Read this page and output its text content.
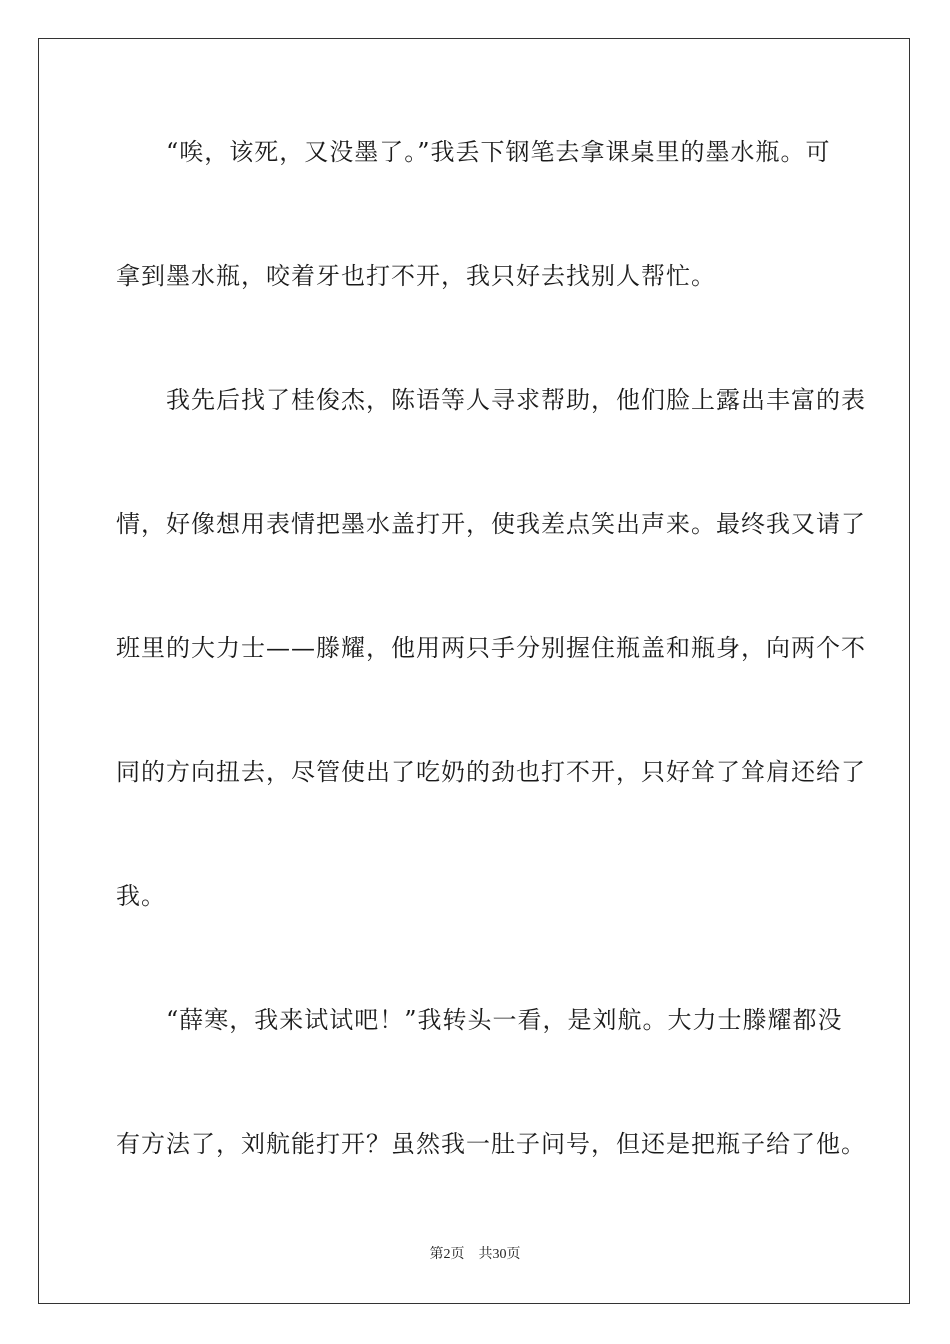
“唉，该死，又没墨了。”我丢下钢笔去拿课桌里的墨水瓶。可
拿到墨水瓶，咬着牙也打不开，我只好去找别人帮忙。
我先后找了桂俊杰，陈语等人寻求帮助，他们脸上露出丰富的表
情，好像想用表情把墨水盖打开，使我差点笑出声来。最终我又请了
班里的大力士——滕耀，他用两只手分别握住瓶盖和瓶身，向两个不
同的方向扭去，尽管使出了吃奶的劲也打不开，只好耸了耸肩还给了
我。
“薛寒，我来试试吧！”我转头一看，是刘航。大力士滕耀都没
有方法了，刘航能打开？虽然我一肚子问号，但还是把瓶子给了他。
第2页 共30页
